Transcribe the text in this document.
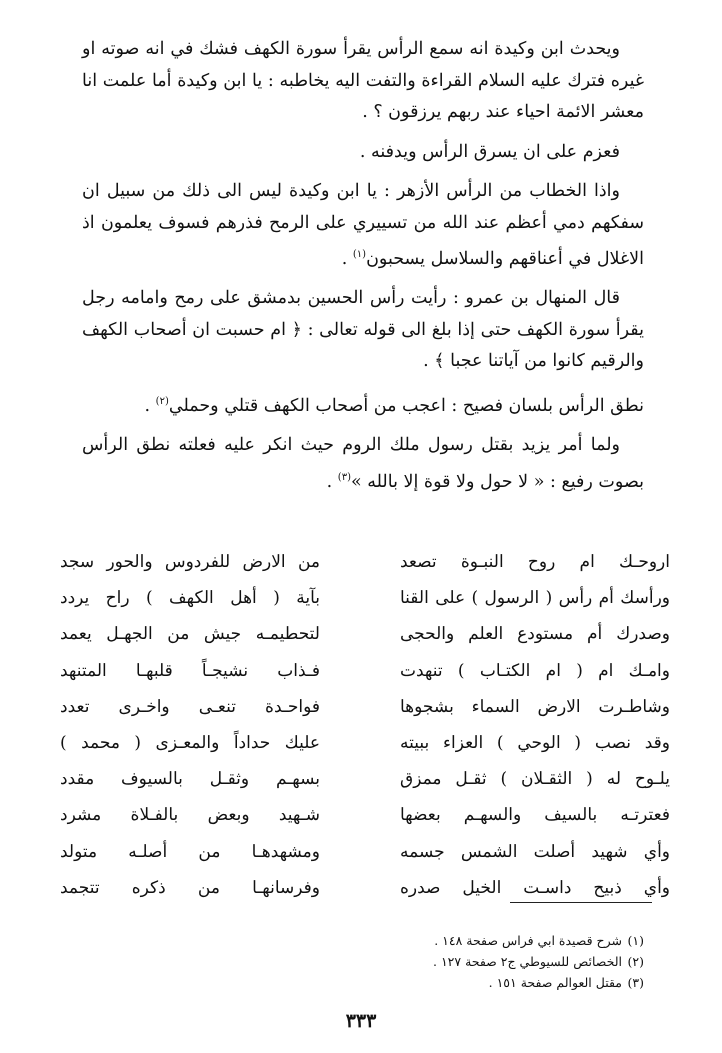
ويحدث ابن وكيدة انه سمع الرأس يقرأ سورة الكهف فشك في انه صوته او غيره فترك عليه السلام القراءة والتفت اليه يخاطبه : يا ابن وكيدة أما علمت انا معشر الائمة احياء عند ربهم يرزقون ؟ .

فعزم على ان يسرق الرأس ويدفنه .

واذا الخطاب من الرأس الأزهر : يا ابن وكيدة ليس الى ذلك من سبيل ان سفكهم دمي أعظم عند الله من تسييري على الرمح فذرهم فسوف يعلمون اذ الاغلال في أعناقهم والسلاسل يسحبون$^{(١)}$ .

قال المنهال بن عمرو : رأيت رأس الحسين بدمشق على رمح وامامه رجل يقرأ سورة الكهف حتى إذا بلغ الى قوله تعالى : ﴿ ام حسبت ان أصحاب الكهف والرقيم كانوا من آياتنا عجبا ﴾ .

نطق الرأس بلسان فصيح : اعجب من أصحاب الكهف قتلي وحملي$^{(٢)}$ .

ولما أمر يزيد بقتل رسول ملك الروم حيث انكر عليه فعلته نطق الرأس بصوت رفيع : « لا حول ولا قوة إلا بالله »$^{(٣)}$ .

اروحـك ام روح النبـوة تصعد
من الارض للفردوس والحور سجد
ورأسك أم رأس ( الرسول ) على القنا
بآية ( أهل الكهف ) راح يردد
وصدرك أم مستودع العلم والحجى
لتحطيمـه جيش من الجهـل يعمد
وامـك ام ( ام الكتـاب ) تنهدت
فـذاب نشيجـاً قلبهـا المتنهد
وشاطـرت الارض السماء بشجوها
فواحـدة تنعـى واخـرى تعدد
وقد نصب ( الوحي ) العزاء ببيته
عليك حداداً والمعـزى ( محمد )
يلـوح له ( الثقـلان ) ثقـل ممزق
بسهـم وثقـل بالسيوف مقدد
فعترتـه بالسيف والسهـم بعضها
شـهيد وبعض بالفـلاة مشرد
وأي شهيد أصلت الشمس جسمه
ومشهدهـا من أصلـه متولد
وأي ذبيح داسـت الخيل صدره
وفرسانهـا من ذكره تتجمد

(١)شرح قصيدة ابي فراس صفحة ١٤٨ .

(٢)الخصائص للسيوطي ج٢ صفحة ١٢٧ .

(٣)مقتل العوالم صفحة ١٥١ .

٣٣٣
